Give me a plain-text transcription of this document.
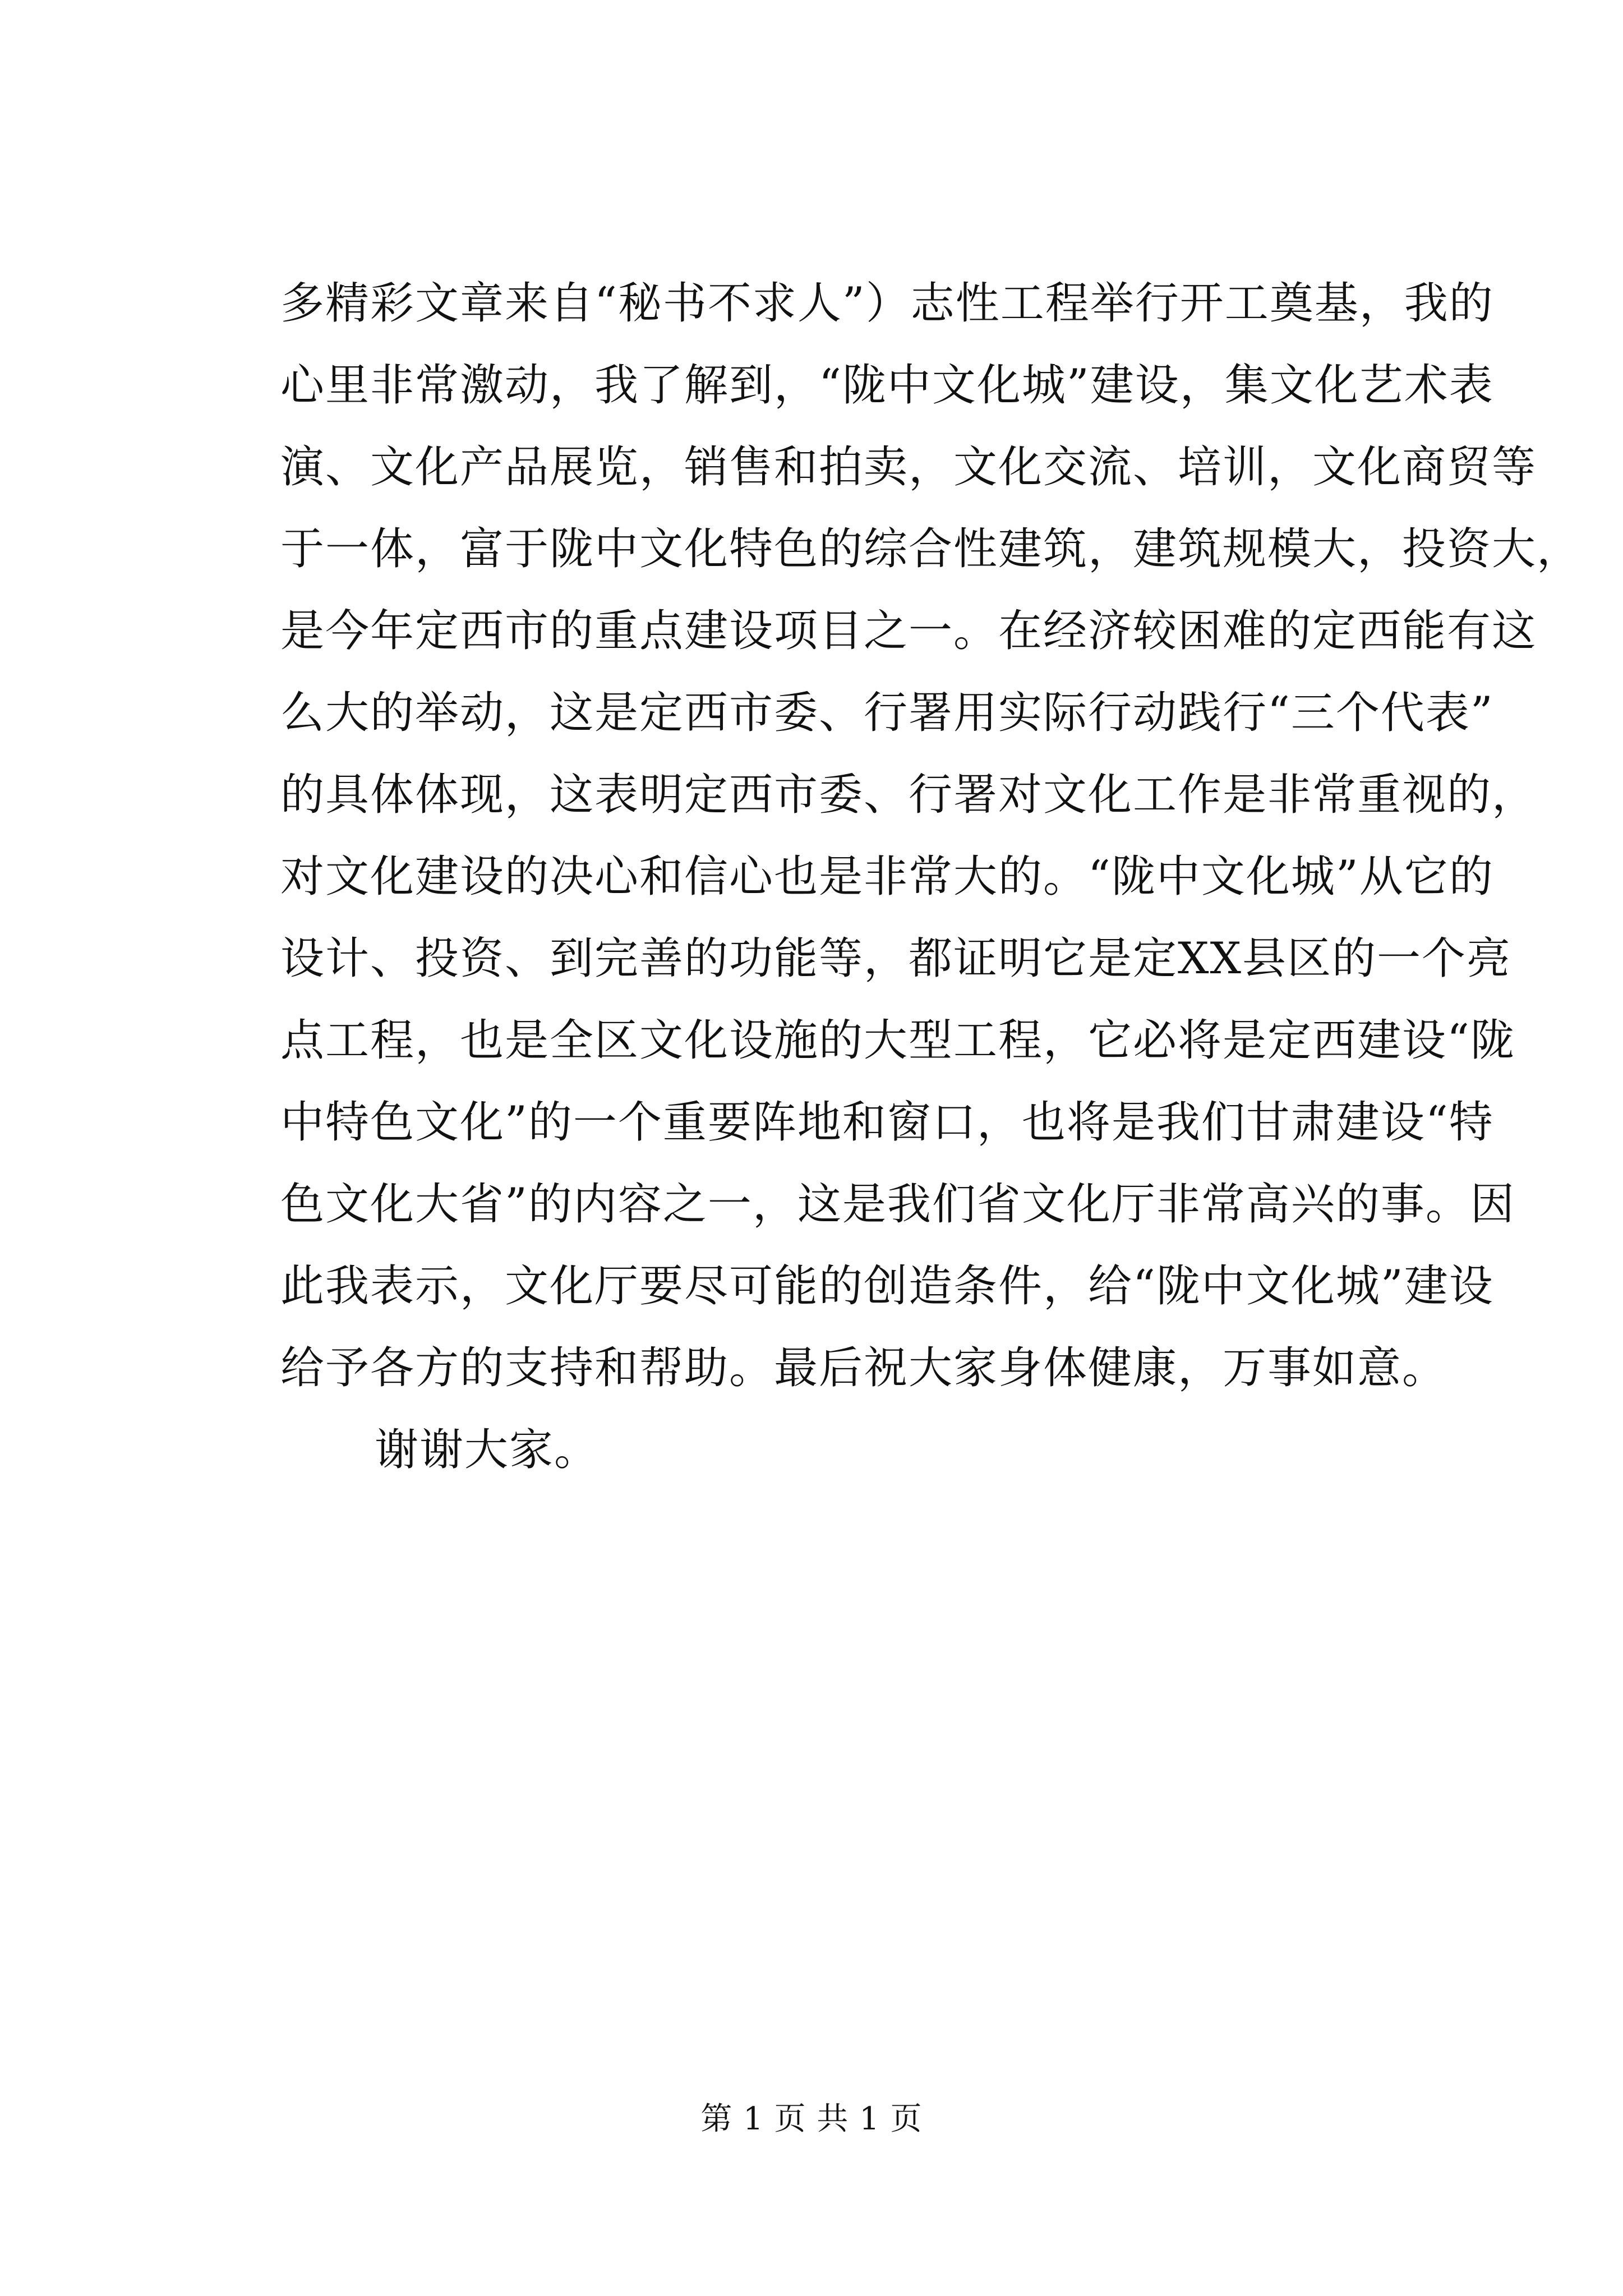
多精彩文章来自“秘书不求人”）志性工程举行开工奠基，我的
心里非常激动，我了解到，“陇中文化城”建设，集文化艺术表
演、文化产品展览，销售和拍卖，文化交流、培训，文化商贸等
于一体，富于陇中文化特色的综合性建筑，建筑规模大，投资大，
是今年定西市的重点建设项目之一。在经济较困难的定西能有这
么大的举动，这是定西市委、行署用实际行动践行“三个代表”
的具体体现，这表明定西市委、行署对文化工作是非常重视的，
对文化建设的决心和信心也是非常大的。“陇中文化城”从它的
设计、投资、到完善的功能等，都证明它是定XX县区的一个亮
点工程，也是全区文化设施的大型工程，它必将是定西建设“陇
中特色文化”的一个重要阵地和窗口，也将是我们甘肃建设“特
色文化大省”的内容之一，这是我们省文化厅非常高兴的事。因
此我表示，文化厅要尽可能的创造条件，给“陇中文化城”建设
给予各方的支持和帮助。最后祝大家身体健康，万事如意。
谢谢大家。
第 1 页 共 1 页
